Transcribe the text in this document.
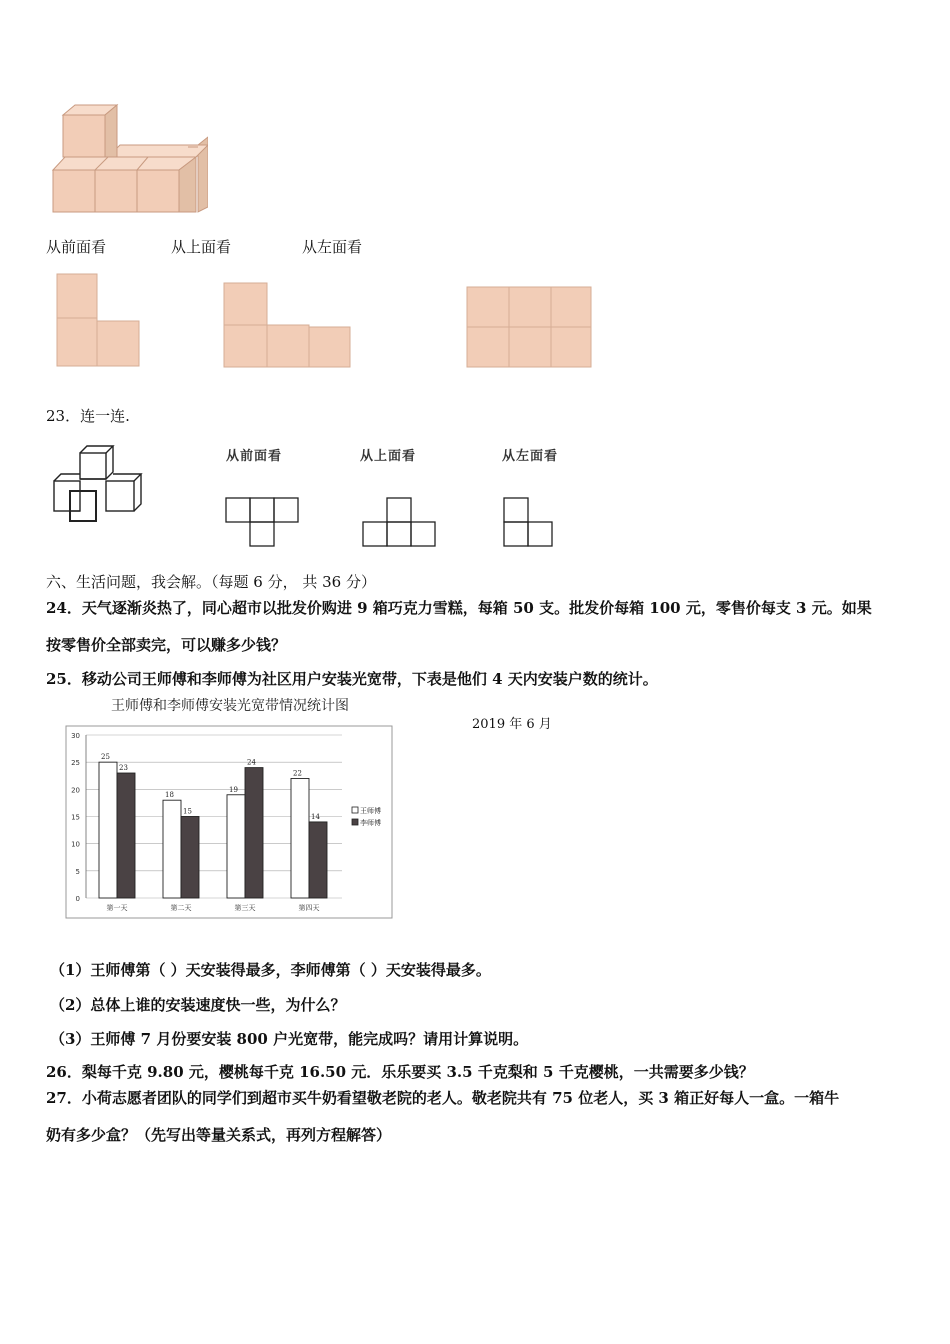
从前面看	从上面看	从左面看
23．连一连.
从前面看	从上面看	从左面看
六、生活问题，我会解。（每题 6 分， 共 36 分）
24．天气逐渐炎热了，同心超市以批发价购进 9 箱巧克力雪糕，每箱 50 支。批发价每箱 100 元，零售价每支 3 元。如果
按零售价全部卖完，可以赚多少钱？
25．移动公司王师傅和李师傅为社区用户安装光宽带，下表是他们 4 天内安装户数的统计。
王师傅和李师傅安装光宽带情况统计图
0
5
10
15
20
25
30
25
23
第一天
18
15
第二天
19
24
第三天
22
14
第四天
王师傅
李师傅
2019 年 6 月
（1）王师傅第（ ）天安装得最多，李师傅第（ ）天安装得最多。
（2）总体上谁的安装速度快一些，为什么？
（3）王师傅 7 月份要安装 800 户光宽带，能完成吗？请用计算说明。
26．梨每千克 9.80 元，樱桃每千克 16.50 元．乐乐要买 3.5 千克梨和 5 千克樱桃，一共需要多少钱？
27．小荷志愿者团队的同学们到超市买牛奶看望敬老院的老人。敬老院共有 75 位老人，买 3 箱正好每人一盒。一箱牛
奶有多少盒？（先写出等量关系式，再列方程解答）
